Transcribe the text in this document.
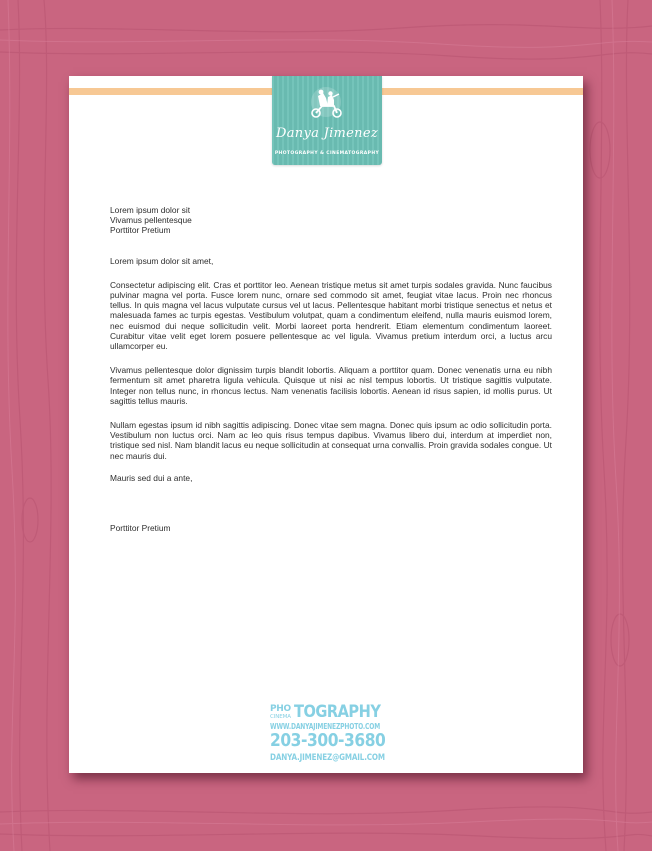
Danya Jimenez
PHOTOGRAPHY & CINEMATOGRAPHY
Lorem ipsum dolor sit
Vivamus pellentesque
Porttitor Pretium
Lorem ipsum dolor sit amet,

Consectetur adipiscing elit. Cras et porttitor leo. Aenean tristique metus sit amet turpis sodales gravida. Nunc faucibus pulvinar magna vel porta. Fusce lorem nunc, ornare sed commodo sit amet, feugiat vitae lacus. Proin nec rhoncus tellus. In quis magna vel lacus vulputate cursus vel ut lacus. Pellentesque habitant morbi tristique senectus et netus et malesuada fames ac turpis egestas. Vestibulum volutpat, quam a condimentum eleifend, nulla mauris euismod lorem, nec euismod dui neque sollicitudin velit. Morbi laoreet porta hendrerit. Etiam elementum condimentum laoreet. Curabitur vitae velit eget lorem posuere pellentesque ac vel ligula. Vivamus pretium interdum orci, a luctus arcu ullamcorper eu.

Vivamus pellentesque dolor dignissim turpis blandit lobortis. Aliquam a porttitor quam. Donec venenatis urna eu nibh fermentum sit amet pharetra ligula vehicula. Quisque ut nisi ac nisl tempus lobortis. Ut tristique sagittis vulputate. Integer non tellus nunc, in rhoncus lectus. Nam venenatis facilisis lobortis. Aenean id risus sapien, id mollis purus. Ut sagittis tellus mauris.

Nullam egestas ipsum id nibh sagittis adipiscing. Donec vitae sem magna. Donec quis ipsum ac odio sollicitudin porta. Vestibulum non luctus orci. Nam ac leo quis risus tempus dapibus. Vivamus libero dui, interdum at imperdiet non, tristique sed nisl. Nam blandit lacus eu neque sollicitudin at consequat urna convallis. Proin gravida sodales congue. Ut nec mauris dui.

Mauris sed dui a ante,
Porttitor Pretium
PHO
CINEMA TOGRAPHY
WWW.DANYAJIMENEZPHOTO.COM
203-300-3680
DANYA.JIMENEZ@GMAIL.COM
